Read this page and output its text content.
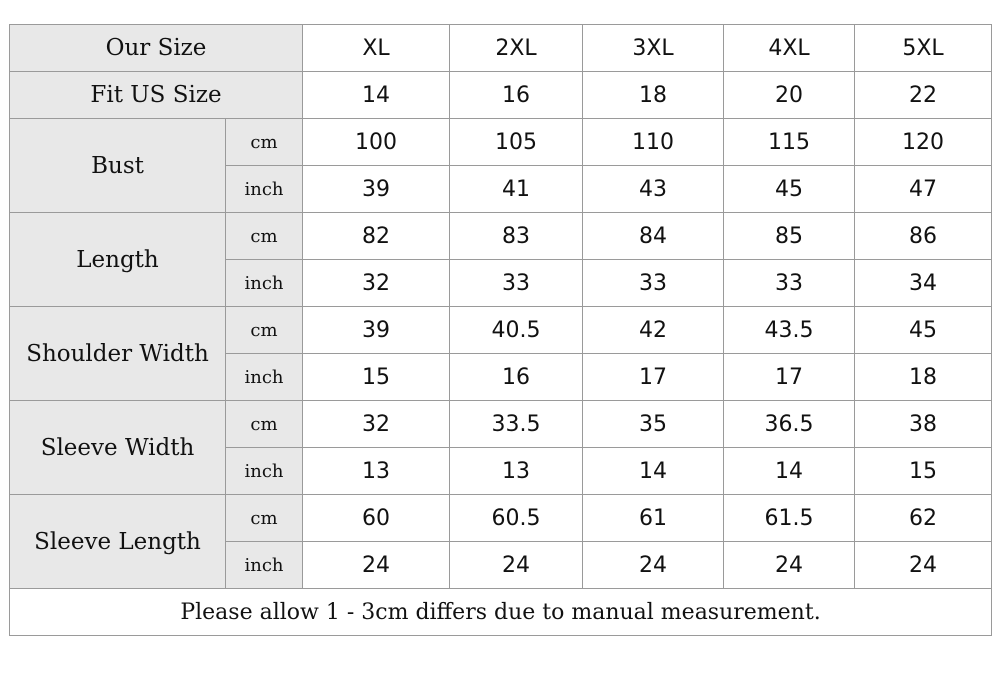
Our Size		XL	2XL	3XL	4XL	5XL
Fit US Size		14	16	18	20	22
Bust	cm	100	105	110	115	120
	inch	39	41	43	45	47
Length	cm	82	83	84	85	86
	inch	32	33	33	33	34
Shoulder Width	cm	39	40.5	42	43.5	45
	inch	15	16	17	17	18
Sleeve Width	cm	32	33.5	35	36.5	38
	inch	13	13	14	14	15
Sleeve Length	cm	60	60.5	61	61.5	62
	inch	24	24	24	24	24
Please allow 1 - 3cm differs due to manual measurement.						
